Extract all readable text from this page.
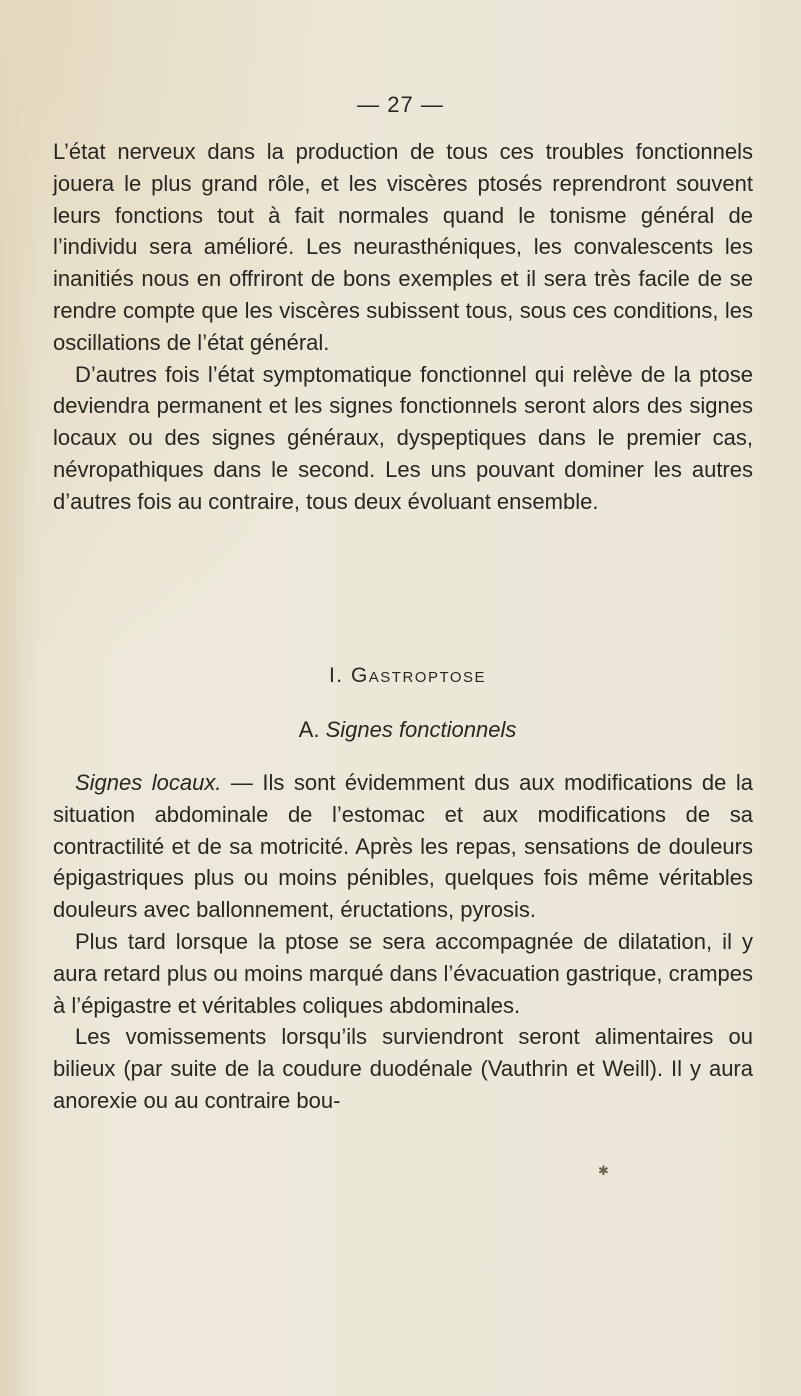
— 27 —

L’état nerveux dans la production de tous ces troubles fonctionnels jouera le plus grand rôle, et les viscères ptosés reprendront souvent leurs fonctions tout à fait normales quand le tonisme général de l’individu sera amélioré. Les neurasthéniques, les convalescents les inanitiés nous en offriront de bons exemples et il sera très facile de se rendre compte que les viscères subissent tous, sous ces conditions, les oscillations de l’état général.

D’autres fois l’état symptomatique fonctionnel qui relève de la ptose deviendra permanent et les signes fonctionnels seront alors des signes locaux ou des signes généraux, dyspeptiques dans le premier cas, névropathiques dans le second. Les uns pouvant dominer les autres d’autres fois au contraire, tous deux évoluant ensemble.

I. Gastroptose
A. Signes fonctionnels

Signes locaux. — Ils sont évidemment dus aux modifications de la situation abdominale de l’estomac et aux modifications de sa contractilité et de sa motricité. Après les repas, sensations de douleurs épigastriques plus ou moins pénibles, quelques fois même véritables douleurs avec ballonnement, éructations, pyrosis.

Plus tard lorsque la ptose se sera accompagnée de dilatation, il y aura retard plus ou moins marqué dans l’évacuation gastrique, crampes à l’épigastre et véritables coliques abdominales.

Les vomissements lorsqu’ils surviendront seront alimentaires ou bilieux (par suite de la coudure duodénale (Vauthrin et Weill). Il y aura anorexie ou au contraire bou-

✱
